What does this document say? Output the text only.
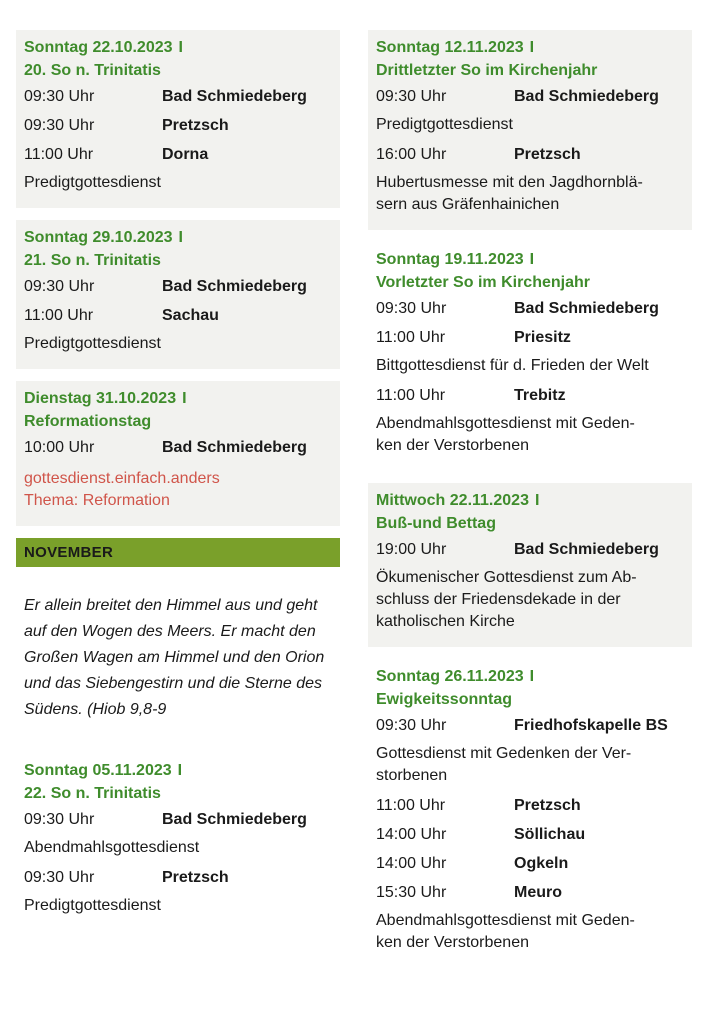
Sonntag 22.10.2023 I
20. So n. Trinitatis
09:30 Uhr	Bad Schmiedeberg
09:30 Uhr	Pretzsch
11:00 Uhr	Dorna
Predigtgottesdienst
Sonntag 29.10.2023 I
21. So n. Trinitatis
09:30 Uhr	Bad Schmiedeberg
11:00 Uhr	Sachau
Predigtgottesdienst
Dienstag 31.10.2023 I
Reformationstag
10:00 Uhr	Bad Schmiedeberg
gottesdienst.einfach.anders
Thema: Reformation
NOVEMBER
Er allein breitet den Himmel aus und geht auf den Wogen des Meers. Er macht den Großen Wagen am Himmel und den Orion und das Siebengestirn und die Sterne des Südens. (Hiob 9,8-9
Sonntag 05.11.2023 I
22. So n. Trinitatis
09:30 Uhr	Bad Schmiedeberg
Abendmahlsgottesdienst
09:30 Uhr	Pretzsch
Predigtgottesdienst
Sonntag 12.11.2023 I
Drittletzter So im Kirchenjahr
09:30 Uhr	Bad Schmiedeberg
Predigtgottesdienst
16:00 Uhr	Pretzsch
Hubertusmesse mit den Jagdhornblä-
sern aus Gräfenhainichen
Sonntag 19.11.2023 I
Vorletzter So im Kirchenjahr
09:30 Uhr	Bad Schmiedeberg
11:00 Uhr	Priesitz
Bittgottesdienst für d. Frieden der Welt
11:00 Uhr	Trebitz
Abendmahlsgottesdienst mit Geden-
ken der Verstorbenen
Mittwoch 22.11.2023 I
Buß-und Bettag
19:00 Uhr	Bad Schmiedeberg
Ökumenischer Gottesdienst zum Ab-
schluss der Friedensdekade in der
katholischen Kirche
Sonntag 26.11.2023 I
Ewigkeitssonntag
09:30 Uhr	Friedhofskapelle BS
Gottesdienst mit Gedenken der Ver-
storbenen
11:00 Uhr	Pretzsch
14:00 Uhr	Söllichau
14:00 Uhr	Ogkeln
15:30 Uhr	Meuro
Abendmahlsgottesdienst mit Geden-
ken der Verstorbenen
